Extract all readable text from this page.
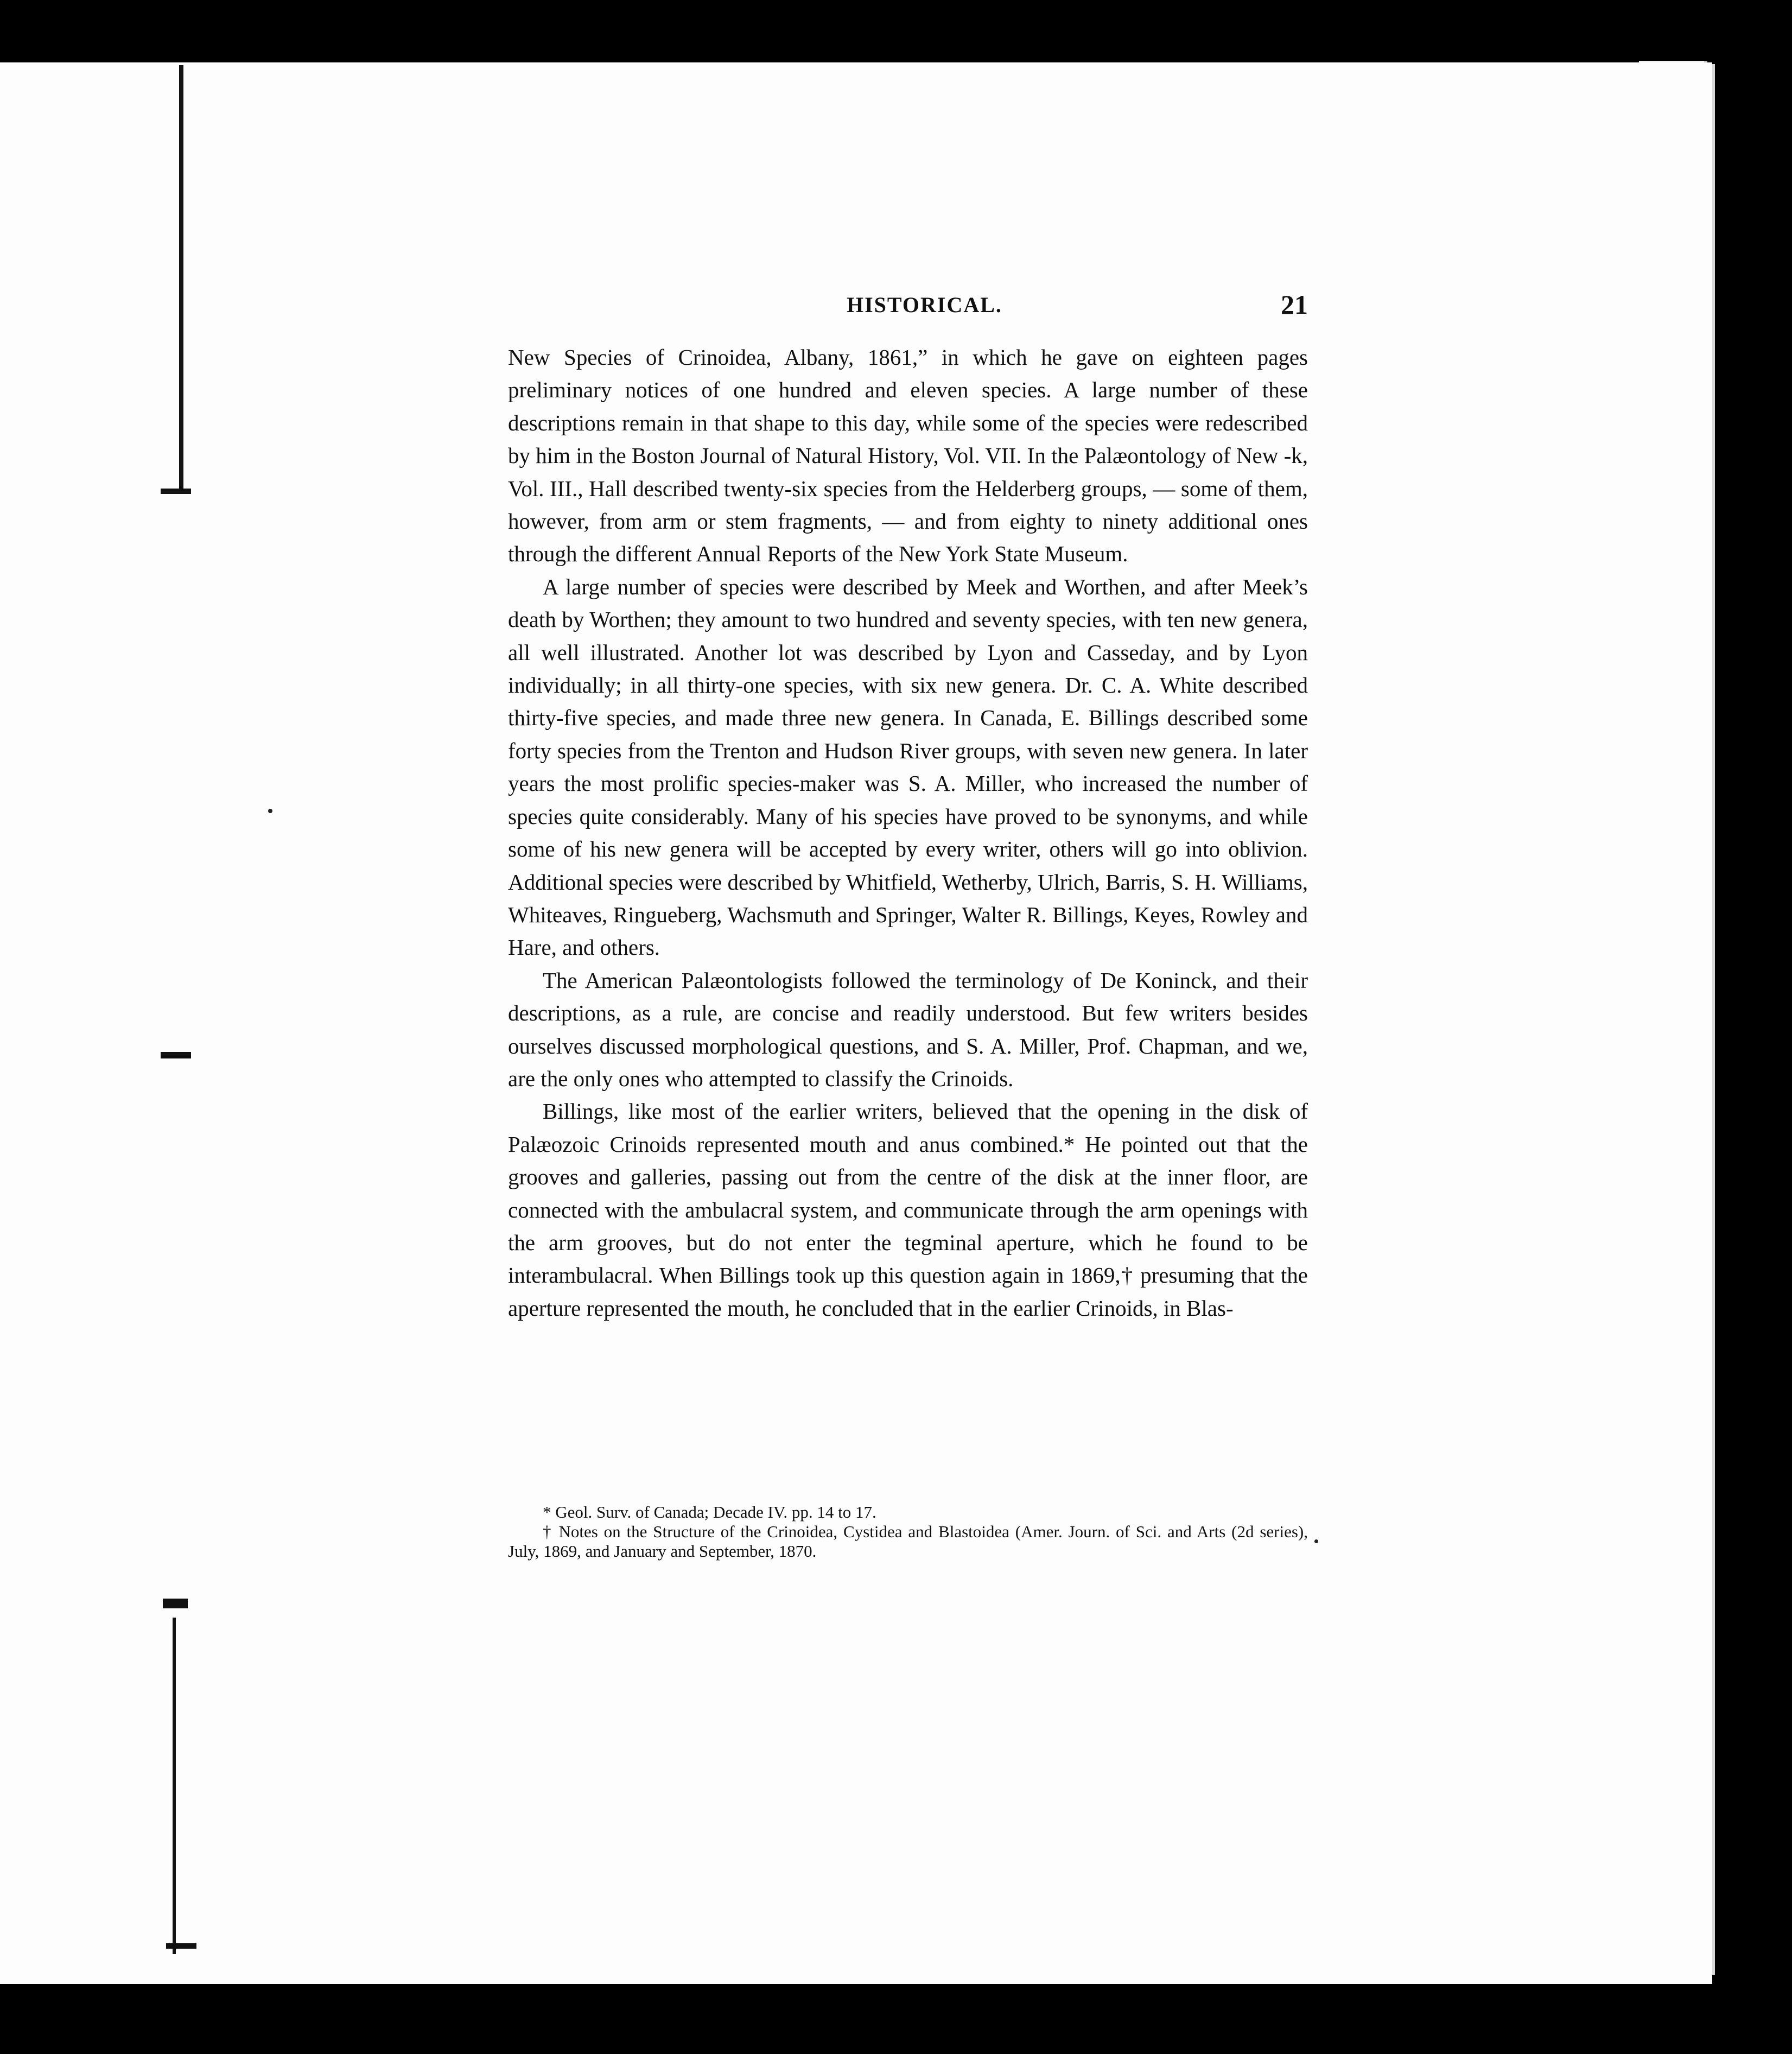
HISTORICAL.	21

New Species of Crinoidea, Albany, 1861,” in which he gave on eighteen pages preliminary notices of one hundred and eleven species. A large number of these descriptions remain in that shape to this day, while some of the species were redescribed by him in the Boston Journal of Natural History, Vol. VII. In the Palæontology of New ‑k, Vol. III., Hall described twenty-six species from the Helderberg groups, — some of them, however, from arm or stem fragments, — and from eighty to ninety additional ones through the different Annual Reports of the New York State Museum.

A large number of species were described by Meek and Worthen, and after Meek’s death by Worthen; they amount to two hundred and seventy species, with ten new genera, all well illustrated. Another lot was described by Lyon and Casseday, and by Lyon individually; in all thirty-one species, with six new genera. Dr. C. A. White described thirty-five species, and made three new genera. In Canada, E. Billings described some forty species from the Trenton and Hudson River groups, with seven new genera. In later years the most prolific species-maker was S. A. Miller, who increased the number of species quite considerably. Many of his species have proved to be synonyms, and while some of his new genera will be accepted by every writer, others will go into oblivion. Additional species were described by Whitfield, Wetherby, Ulrich, Barris, S. H. Williams, Whiteaves, Ringueberg, Wachsmuth and Springer, Walter R. Billings, Keyes, Rowley and Hare, and others.

The American Palæontologists followed the terminology of De Koninck, and their descriptions, as a rule, are concise and readily understood. But few writers besides ourselves discussed morphological questions, and S. A. Miller, Prof. Chapman, and we, are the only ones who attempted to classify the Crinoids.

Billings, like most of the earlier writers, believed that the opening in the disk of Palæozoic Crinoids represented mouth and anus combined.* He pointed out that the grooves and galleries, passing out from the centre of the disk at the inner floor, are connected with the ambulacral system, and communicate through the arm openings with the arm grooves, but do not enter the tegminal aperture, which he found to be interambulacral. When Billings took up this question again in 1869,† presuming that the aperture represented the mouth, he concluded that in the earlier Crinoids, in Blas-

* Geol. Surv. of Canada; Decade IV. pp. 14 to 17.

† Notes on the Structure of the Crinoidea, Cystidea and Blastoidea (Amer. Journ. of Sci. and Arts (2d series), July, 1869, and January and September, 1870.
